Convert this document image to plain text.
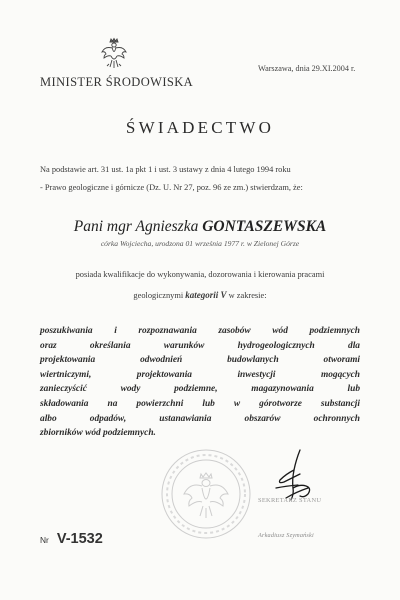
MINISTER ŚRODOWISKA
Warszawa, dnia 29.XI.2004 r.
ŚWIADECTWO
Na podstawie art. 31 ust. 1a pkt 1 i ust. 3 ustawy z dnia 4 lutego 1994 roku
- Prawo geologiczne i górnicze (Dz. U. Nr 27, poz. 96 ze zm.) stwierdzam, że:
Pani mgr Agnieszka GONTASZEWSKA
córka Wojciecha, urodzona 01 września 1977 r. w Zielonej Górze
posiada kwalifikacje do wykonywania, dozorowania i kierowania pracami
geologicznymi kategorii V w zakresie:
poszukiwania i rozpoznawania zasobów wód podziemnych
oraz określania warunków hydrogeologicznych dla
projektowania odwodnień budowlanych otworami
wiertniczymi, projektowania inwestycji mogących
zanieczyścić wody podziemne, magazynowania lub
składowania na powierzchni lub w górotworze substancji
albo odpadów, ustanawiania obszarów ochronnych
zbiorników wód podziemnych.
SEKRETARZ STANU
Arkadiusz Szymański
Nr V-1532
